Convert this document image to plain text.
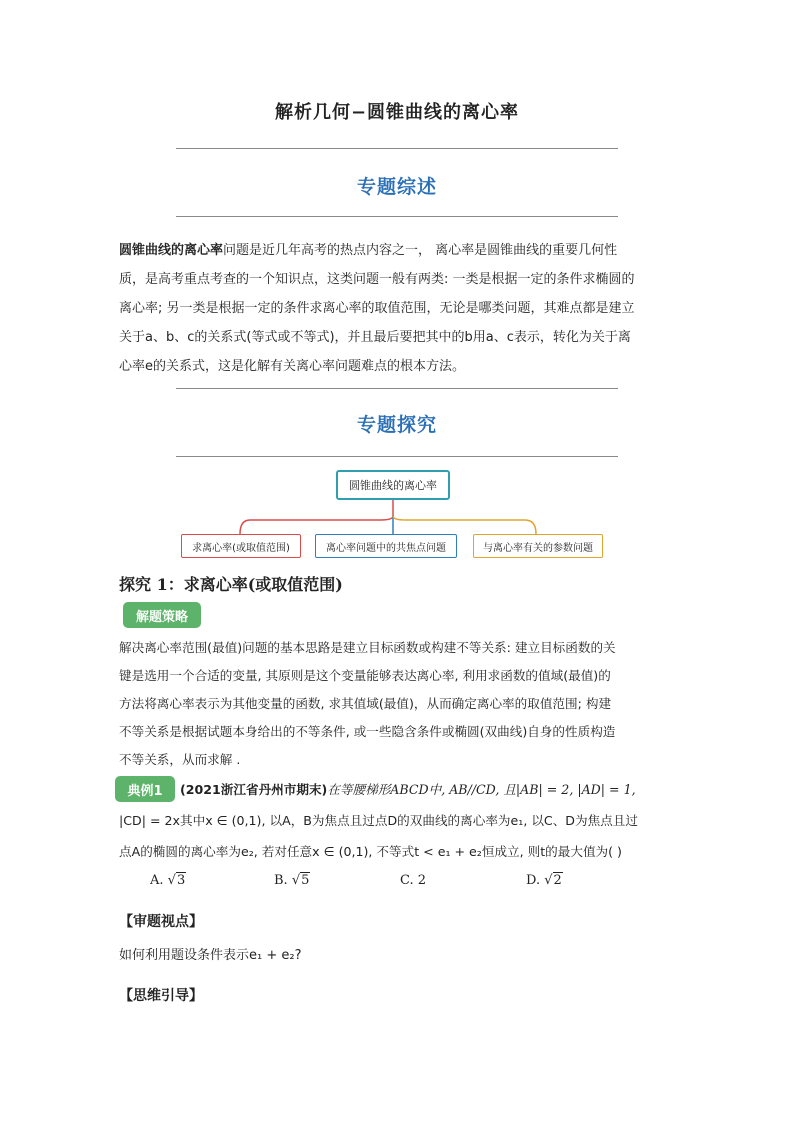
解析几何−圆锥曲线的离心率
专题综述
圆锥曲线的离心率问题是近几年高考的热点内容之一， 离心率是圆锥曲线的重要几何性
质，是高考重点考查的一个知识点，这类问题一般有两类: 一类是根据一定的条件求椭圆的
离心率; 另一类是根据一定的条件求离心率的取值范围，无论是哪类问题，其难点都是建立
关于a、b、c的关系式(等式或不等式)，并且最后要把其中的b用a、c表示，转化为关于离
心率e的关系式，这是化解有关离心率问题难点的根本方法。
专题探究
圆锥曲线的离心率
求离心率(或取值范围)	离心率问题中的共焦点问题	与离心率有关的参数问题
探究 1：求离心率(或取值范围)
解题策略
解决离心率范围(最值)问题的基本思路是建立目标函数或构建不等关系: 建立目标函数的关
键是选用一个合适的变量, 其原则是这个变量能够表达离心率, 利用求函数的值域(最值)的
方法将离心率表示为其他变量的函数, 求其值域(最值)，从而确定离心率的取值范围; 构建
不等关系是根据试题本身给出的不等条件, 或一些隐含条件或椭圆(双曲线)自身的性质构造
不等关系，从而求解 .
典例1	(2021浙江省丹州市期末)在等腰梯形ABCD中, AB//CD, 且|AB| = 2, |AD| = 1,
|CD| = 2x其中x ∈ (0,1), 以A，B为焦点且过点D的双曲线的离心率为e₁, 以C、D为焦点且过
点A的椭圆的离心率为e₂, 若对任意x ∈ (0,1), 不等式t < e₁ + e₂恒成立, 则t的最大值为( )
A. √3	B. √5	C. 2	D. √2
【审题视点】
如何利用题设条件表示e₁ + e₂?
【思维引导】
